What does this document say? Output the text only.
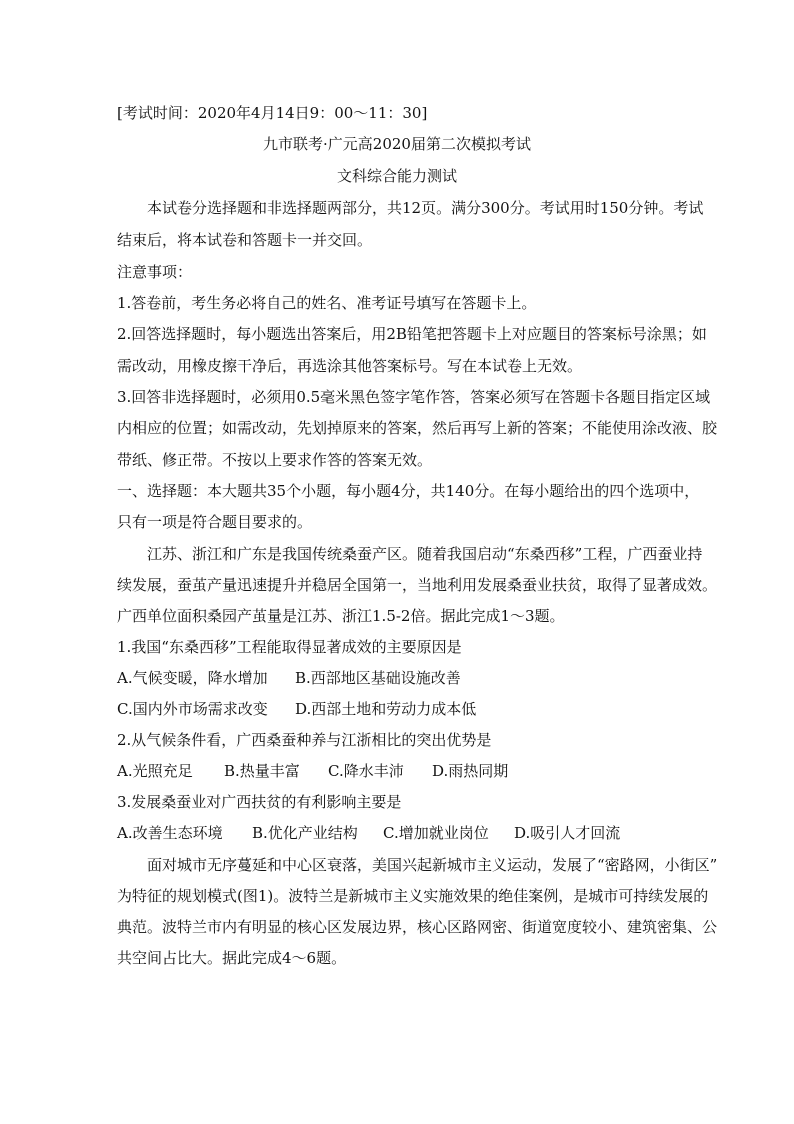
[考试时间：2020年4月14日9：00～11：30]
九市联考·广元高2020届第二次模拟考试
文科综合能力测试
本试卷分选择题和非选择题两部分，共12页。满分300分。考试用时150分钟。考试
结束后，将本试卷和答题卡一并交回。
注意事项：
1.答卷前，考生务必将自己的姓名、准考证号填写在答题卡上。
2.回答选择题时，每小题选出答案后，用2B铅笔把答题卡上对应题目的答案标号涂黑；如
需改动，用橡皮擦干净后，再选涂其他答案标号。写在本试卷上无效。
3.回答非选择题时，必须用0.5毫米黑色签字笔作答，答案必须写在答题卡各题目指定区域
内相应的位置；如需改动，先划掉原来的答案，然后再写上新的答案；不能使用涂改液、胶
带纸、修正带。不按以上要求作答的答案无效。
一、选择题：本大题共35个小题，每小题4分，共140分。在每小题给出的四个选项中，
只有一项是符合题目要求的。
江苏、浙江和广东是我国传统桑蚕产区。随着我国启动“东桑西移”工程，广西蚕业持
续发展，蚕茧产量迅速提升并稳居全国第一，当地利用发展桑蚕业扶贫，取得了显著成效。
广西单位面积桑园产茧量是江苏、浙江1.5-2倍。据此完成1～3题。
1.我国“东桑西移”工程能取得显著成效的主要原因是
A.气候变暖，降水增加	B.西部地区基础设施改善
C.国内外市场需求改变	D.西部土地和劳动力成本低
2.从气候条件看，广西桑蚕种养与江浙相比的突出优势是
A.光照充足	B.热量丰富	C.降水丰沛	D.雨热同期
3.发展桑蚕业对广西扶贫的有利影响主要是
A.改善生态环境	B.优化产业结构	C.增加就业岗位	D.吸引人才回流
面对城市无序蔓延和中心区衰落，美国兴起新城市主义运动，发展了“密路网，小街区”
为特征的规划模式(图1)。波特兰是新城市主义实施效果的绝佳案例，是城市可持续发展的
典范。波特兰市内有明显的核心区发展边界，核心区路网密、街道宽度较小、建筑密集、公
共空间占比大。据此完成4～6题。
